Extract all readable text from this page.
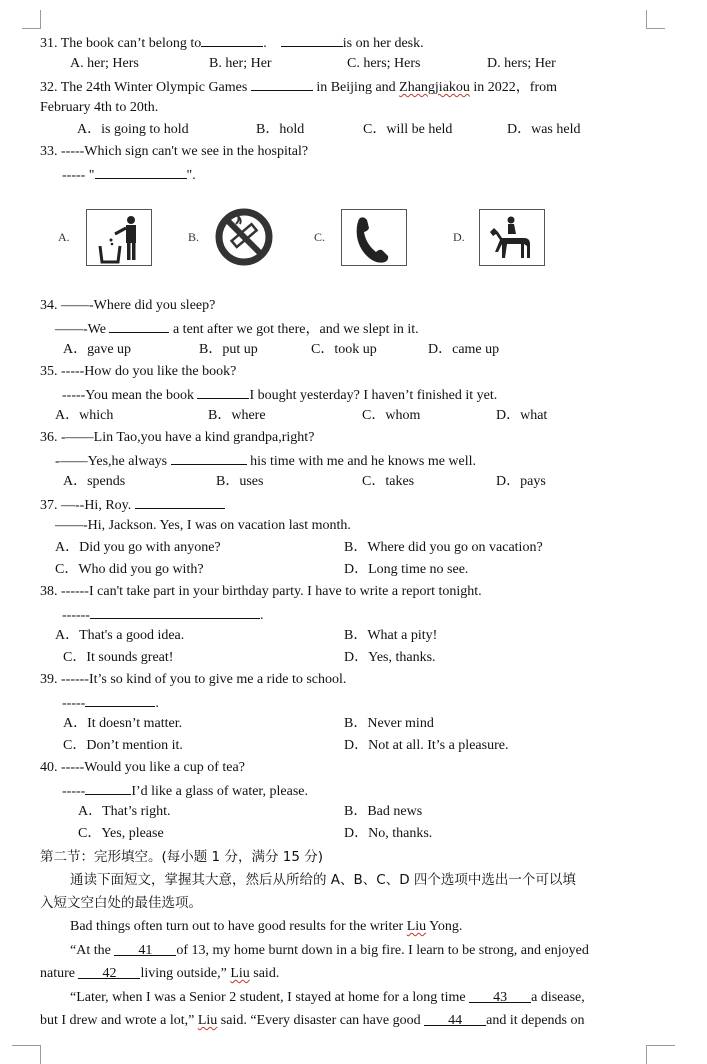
31. The book can’t belong to	.	is on her desk.
A. her; Hers	B. her; Her	C. hers; Hers	D. hers; Her
32. The 24th Winter Olympic Games	in Beijing and Zhangjiakou in 2022，from
February 4th to 20th.
A．is going to hold	B．hold	C．will be held	D．was held
33. -----Which sign can't we see in the hospital?
----- "	".
A.	B.	C.	D.
34. ——-Where did you sleep?
——-We	a tent after we got there，and we slept in it.
A．gave up	B．put up	C．took up	D．came up
35. -----How do you like the book?
-----You mean the book	I bought yesterday? I haven’t finished it yet.
A．which	B．where	C．whom	D．what
36. -——Lin Tao,you have a kind grandpa,right?
-——Yes,he always	his time with me and he knows me well.
A．spends	B．uses	C．takes	D．pays
37. —--Hi, Roy.
——-Hi, Jackson. Yes, I was on vacation last month.
A．Did you go with anyone?	B．Where did you go on vacation?
C．Who did you go with?	D．Long time no see.
38. ------I can't take part in your birthday party. I have to write a report tonight.
------	.
A．That's a good idea.	B．What a pity!
C．It sounds great!	D．Yes, thanks.
39. ------It’s so kind of you to give me a ride to school.
-----	.
A．It doesn’t matter.	B．Never mind
C．Don’t mention it.	D．Not at all. It’s a pleasure.
40. -----Would you like a cup of tea?
-----	I’d like a glass of water, please.
A．That’s right.	B．Bad news
C．Yes, please	D．No, thanks.
第二节：完形填空。(每小题 1 分，满分 15 分)
通读下面短文，掌握其大意，然后从所给的 A、B、C、D 四个选项中选出一个可以填
入短文空白处的最佳选项。
Bad things often turn out to have good results for the writer Liu Yong.
“At the 41 of 13, my home burnt down in a big fire. I learn to be strong, and enjoyed
nature 42 living outside,” Liu said.
“Later, when I was a Senior 2 student, I stayed at home for a long time 43 a disease,
but I drew and wrote a lot,” Liu said. “Every disaster can have good 44 and it depends on
